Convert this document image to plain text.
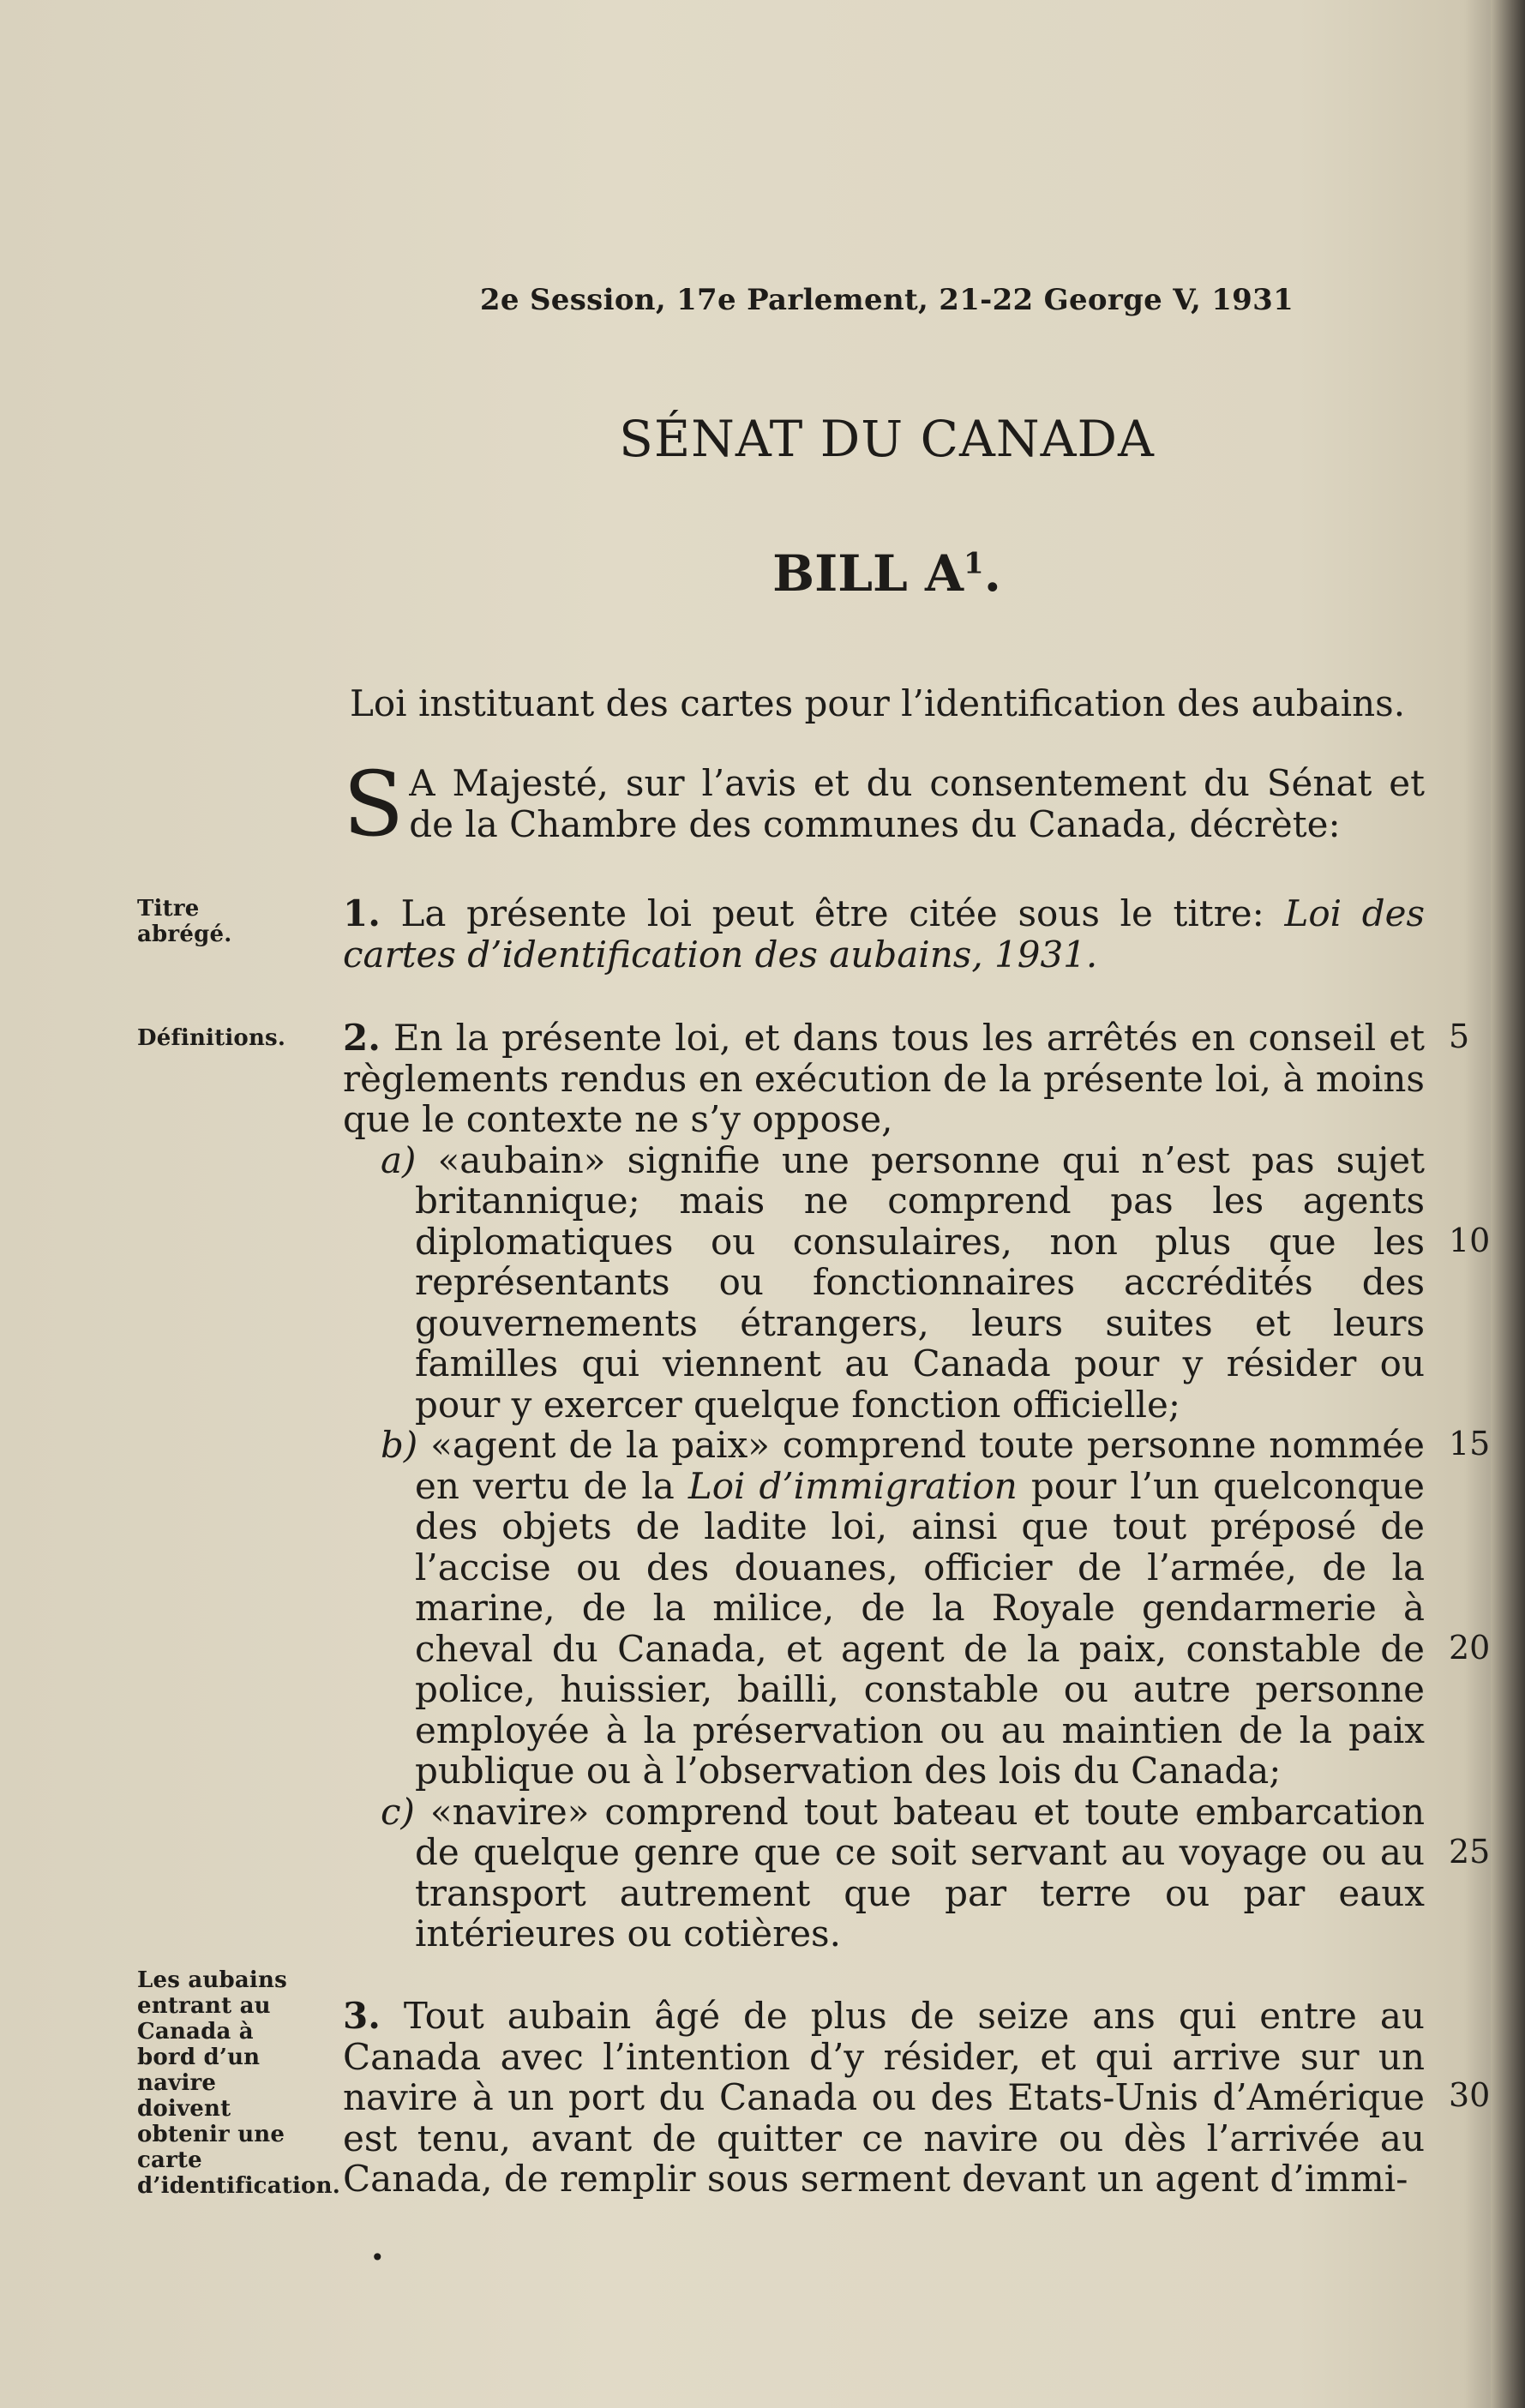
2e Session, 17e Parlement, 21-22 George V, 1931
SÉNAT DU CANADA
BILL $A^1$.
Loi instituant des cartes pour l’identification des aubains.
S A Majesté, sur l’avis et du consentement du Sénat et de la Chambre des communes du Canada, décrète:
Titre abrégé.	1. La présente loi peut être citée sous le titre: Loi des cartes d’identification des aubains, 1931.
Définitions.	2. En la présente loi, et dans tous les arrêtés en conseil et règlements rendus en exécution de la présente loi, à moins que le contexte ne s’y oppose,
a) «aubain» signifie une personne qui n’est pas sujet britannique; mais ne comprend pas les agents diplomatiques ou consulaires, non plus que les représentants ou fonctionnaires accrédités des gouvernements étrangers, leurs suites et leurs familles qui viennent au Canada pour y résider ou pour y exercer quelque fonction officielle;
b) «agent de la paix» comprend toute personne nommée en vertu de la Loi d’immigration pour l’un quelconque des objets de ladite loi, ainsi que tout préposé de l’accise ou des douanes, officier de l’armée, de la marine, de la milice, de la Royale gendarmerie à cheval du Canada, et agent de la paix, constable de police, huissier, bailli, constable ou autre personne employée à la préservation ou au maintien de la paix publique ou à l’observation des lois du Canada;
c) «navire» comprend tout bateau et toute embarcation de quelque genre que ce soit servant au voyage ou au transport autrement que par terre ou par eaux intérieures ou cotières.
Les aubains entrant au Canada à bord d’un navire doivent obtenir une carte d’identification.
3. Tout aubain âgé de plus de seize ans qui entre au Canada avec l’intention d’y résider, et qui arrive sur un navire à un port du Canada ou des Etats-Unis d’Amérique est tenu, avant de quitter ce navire ou dès l’arrivée au Canada, de remplir sous serment devant un agent d’immi-
5
10
15
20
25
30
•
